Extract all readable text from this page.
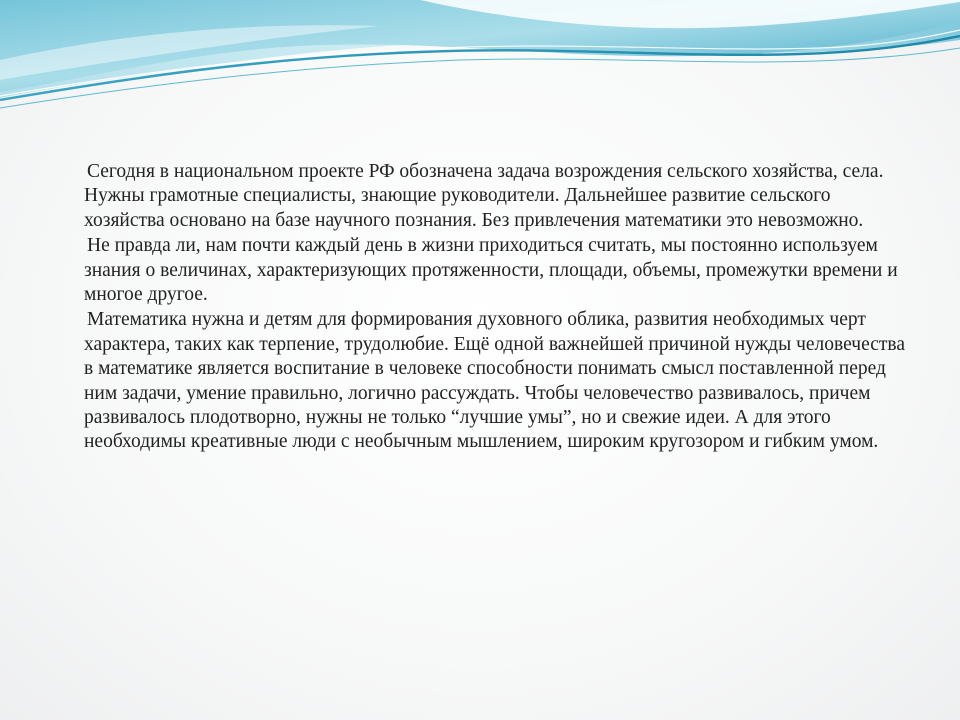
Сегодня в национальном проекте РФ обозначена задача возрождения сельского хозяйства, села. Нужны грамотные специалисты, знающие руководители. Дальнейшее развитие сельского хозяйства основано на базе научного познания. Без привлечения математики это невозможно.

Не правда ли, нам почти каждый день в жизни приходиться считать, мы постоянно используем знания о величинах, характеризующих протяженности, площади, объемы, промежутки времени и многое другое.

Математика нужна и детям для формирования духовного облика, развития необходимых черт характера, таких как терпение, трудолюбие. Ещё одной важнейшей причиной нужды человечества в математике является воспитание в человеке способности понимать смысл поставленной перед ним задачи, умение правильно, логично рассуждать. Чтобы человечество развивалось, причем развивалось плодотворно, нужны не только “лучшие умы”, но и свежие идеи. А для этого необходимы креативные люди с необычным мышлением, широким кругозором и гибким умом.
